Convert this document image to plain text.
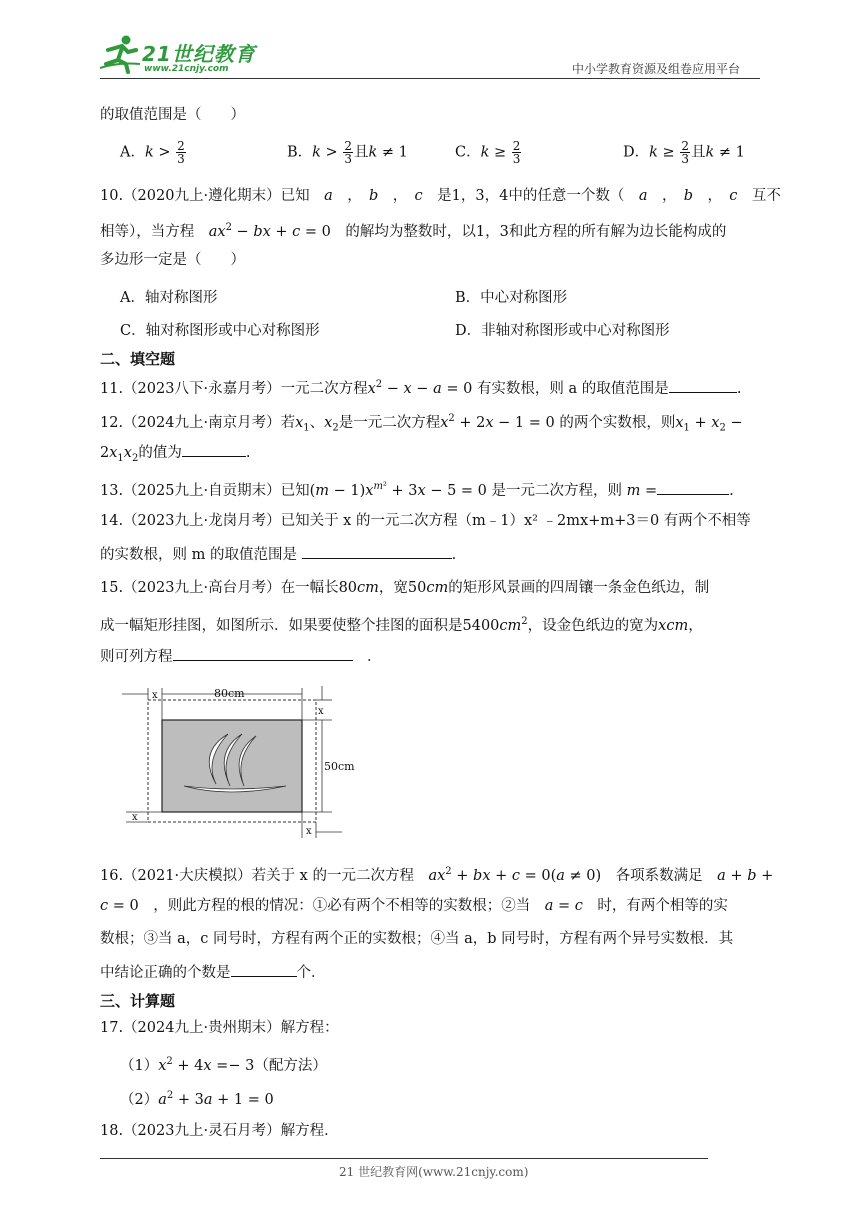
21世纪教育
www.21cnjy.com	中小学教育资源及组卷应用平台
的取值范围是（　　）
A．$k > \frac{2}{3}$	B．$k > \frac{2}{3}$ 且k ≠ 1	C．$k \ge \frac{2}{3}$	D．$k \ge \frac{2}{3}$ 且k ≠ 1
10.（2020九上·遵化期末）已知　 a　，　b　，　c　 是1，3，4中的任意一个数（　 a　，　b　，　c　 互不
相等），当方程　 $ax^2$ − bx + c = 0　的解均为整数时，以1，3和此方程的所有解为边长能构成的
多边形一定是（　　）
A．轴对称图形	B．中心对称图形
C．轴对称图形或中心对称图形	D．非轴对称图形或中心对称图形
二、填空题
11.（2023八下·永嘉月考）一元二次方程$x^2 - x - a = 0$ 有实数根，则 a 的取值范围是	.
12.（2024九上·南京月考）若$x_1$、$x_2$是一元二次方程$x^2 + 2x - 1 = 0$ 的两个实数根，则$x_1 + x_2$ −
$2x_1x_2$的值为	.
13.（2025九上·自贡期末）已知$(m - 1)x^{m^2} + 3x - 5 = 0$ 是一元二次方程，则 m =	.
14.（2023九上·龙岗月考）已知关于 x 的一元二次方程（m﹣1）x² ﹣2mx+m+3＝0 有两个不相等
的实数根，则 m 的取值范围是	.
15.（2023九上·高台月考）在一幅长80cm，宽50cm的矩形风景画的四周镶一条金色纸边，制
成一幅矩形挂图，如图所示．如果要使整个挂图的面积是$5400cm^2$，设金色纸边的宽为xcm，
则可列方程　	．
x	80cm
x
50cm
x
x
16.（2021·大庆模拟）若关于 x 的一元二次方程　 $ax^2$ + bx + c = 0(a ≠ 0)　各项系数满足　 a + b +
c = 0　，则此方程的根的情况：①必有两个不相等的实数根；②当　 a = c　 时，有两个相等的实
数根；③当 a，c 同号时，方程有两个正的实数根；④当 a，b 同号时，方程有两个异号实数根．其
中结论正确的个数是	个．
三、计算题
17.（2024九上·贵州期末）解方程：
$(1)x^2 + 4x =- 3$（配方法）
$(2)a^2 + 3a + 1 = 0$
18.（2023九上·灵石月考）解方程．
21 世纪教育网(www.21cnjy.com)
